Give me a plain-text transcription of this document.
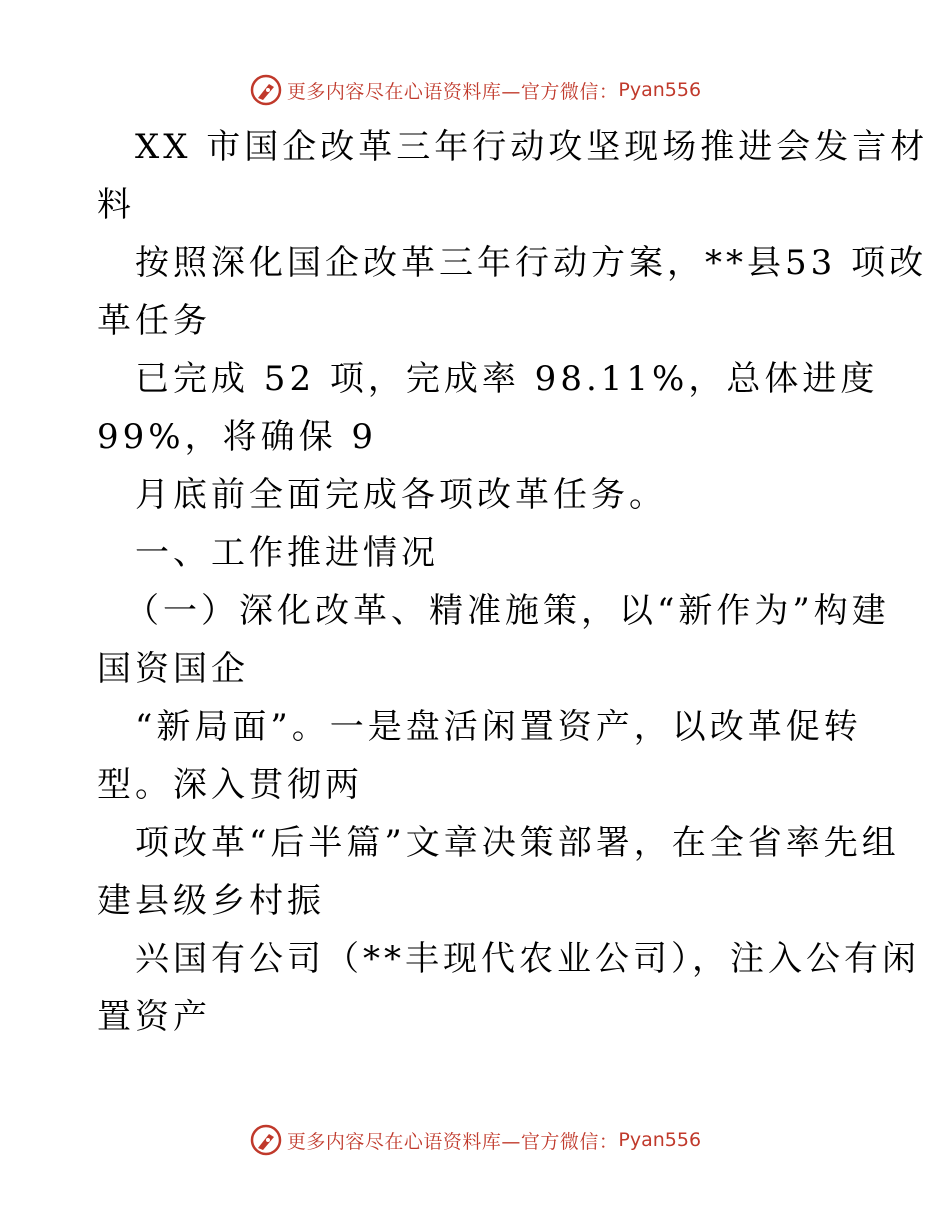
更多内容尽在心语资料库—官方微信： Pyan556
XX 市国企改革三年行动攻坚现场推进会发言材
料
按照深化国企改革三年行动方案，**县53 项改
革任务
已完成 52 项，完成率 98.11%，总体进度
99%，将确保 9
月底前全面完成各项改革任务。
一、工作推进情况
（一）深化改革、精准施策，以“新作为”构建
国资国企
“新局面”。一是盘活闲置资产，以改革促转
型。深入贯彻两
项改革“后半篇”文章决策部署，在全省率先组
建县级乡村振
兴国有公司（**丰现代农业公司），注入公有闲
置资产
更多内容尽在心语资料库—官方微信： Pyan556
